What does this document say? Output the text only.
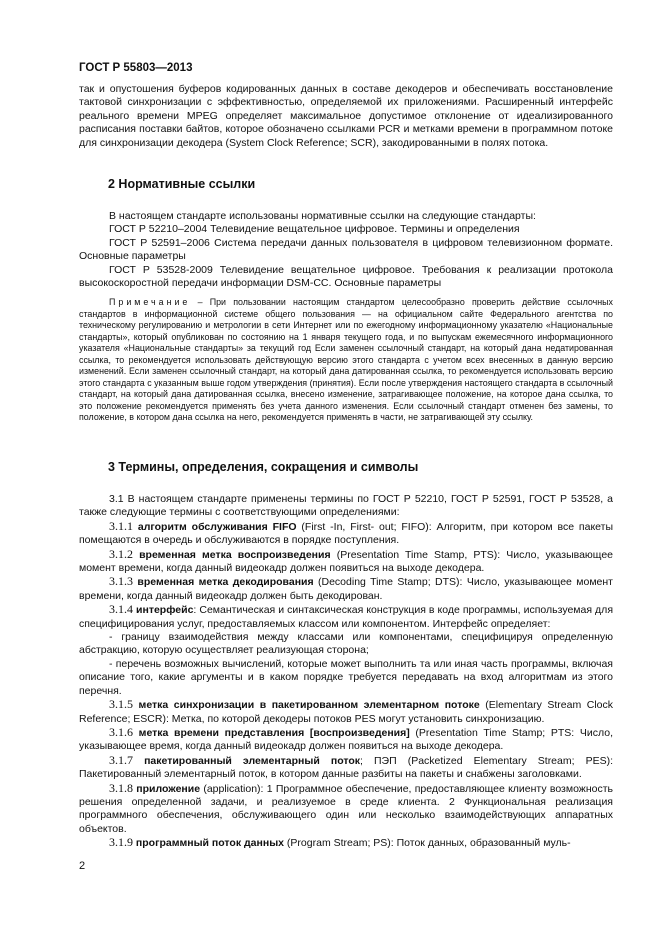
ГОСТ Р 55803—2013

так и опустошения буферов кодированных данных в составе декодеров и обеспечивать восстановление тактовой синхронизации с эффективностью, определяемой их приложениями. Расширенный интерфейс реального времени MPEG определяет максимальное допустимое отклонение от идеализированного расписания поставки байтов, которое обозначено ссылками PCR и метками времени в программном потоке для синхронизации декодера (System Clock Reference; SCR), закодированными в полях потока.

2 Нормативные ссылки

В настоящем стандарте использованы нормативные ссылки на следующие стандарты:

ГОСТ Р 52210–2004 Телевидение вещательное цифровое. Термины и определения

ГОСТ Р 52591–2006 Система передачи данных пользователя в цифровом телевизионном формате. Основные параметры

ГОСТ Р 53528-2009 Телевидение вещательное цифровое. Требования к реализации протокола высокоскоростной передачи информации DSM-CC. Основные параметры

Примечание – При пользовании настоящим стандартом целесообразно проверить действие ссылочных стандартов в информационной системе общего пользования — на официальном сайте Федерального агентства по техническому регулированию и метрологии в сети Интернет или по ежегодному информационному указателю «Национальные стандарты», который опубликован по состоянию на 1 января текущего года, и по выпускам ежемесячного информационного указателя «Национальные стандарты» за текущий год Если заменен ссылочный стандарт, на который дана недатированная ссылка, то рекомендуется использовать действующую версию этого стандарта с учетом всех внесенных в данную версию изменений. Если заменен ссылочный стандарт, на который дана датированная ссылка, то рекомендуется использовать версию этого стандарта с указанным выше годом утверждения (принятия). Если после утверждения настоящего стандарта в ссылочный стандарт, на который дана датированная ссылка, внесено изменение, затрагивающее положение, на которое дана ссылка, то это положение рекомендуется применять без учета данного изменения. Если ссылочный стандарт отменен без замены, то положение, в котором дана ссылка на него, рекомендуется применять в части, не затрагивающей эту ссылку.

3 Термины, определения, сокращения и символы

3.1 В настоящем стандарте применены термины по ГОСТ Р 52210, ГОСТ Р 52591, ГОСТ Р 53528, а также следующие термины с соответствующими определениями:

3.1.1 алгоритм обслуживания FIFO (First -In, First- out; FIFO): Алгоритм, при котором все пакеты помещаются в очередь и обслуживаются в порядке поступления.

3.1.2 временная метка воспроизведения (Presentation Time Stamp, PTS): Число, указывающее момент времени, когда данный видеокадр должен появиться на выходе декодера.

3.1.3 временная метка декодирования (Decoding Time Stamp; DTS): Число, указывающее момент времени, когда данный видеокадр должен быть декодирован.

3.1.4 интерфейс: Семантическая и синтаксическая конструкция в коде программы, используемая для специфицирования услуг, предоставляемых классом или компонентом. Интерфейс определяет:

- границу взаимодействия между классами или компонентами, специфицируя определенную абстракцию, которую осуществляет реализующая сторона;

- перечень возможных вычислений, которые может выполнить та или иная часть программы, включая описание того, какие аргументы и в каком порядке требуется передавать на вход алгоритмам из этого перечня.

3.1.5 метка синхронизации в пакетированном элементарном потоке (Elementary Stream Clock Reference; ESCR): Метка, по которой декодеры потоков PES могут установить синхронизацию.

3.1.6 метка времени представления [воспроизведения] (Presentation Time Stamp; PTS: Число, указывающее время, когда данный видеокадр должен появиться на выходе декодера.

3.1.7 пакетированный элементарный поток; ПЭП (Packetized Elementary Stream; PES): Пакетированный элементарный поток, в котором данные разбиты на пакеты и снабжены заголовками.

3.1.8 приложение (application): 1 Программное обеспечение, предоставляющее клиенту возможность решения определенной задачи, и реализуемое в среде клиента. 2 Функциональная реализация программного обеспечения, обслуживающего один или несколько взаимодействующих аппаратных объектов.

3.1.9 программный поток данных (Program Stream; PS): Поток данных, образованный муль-

2
